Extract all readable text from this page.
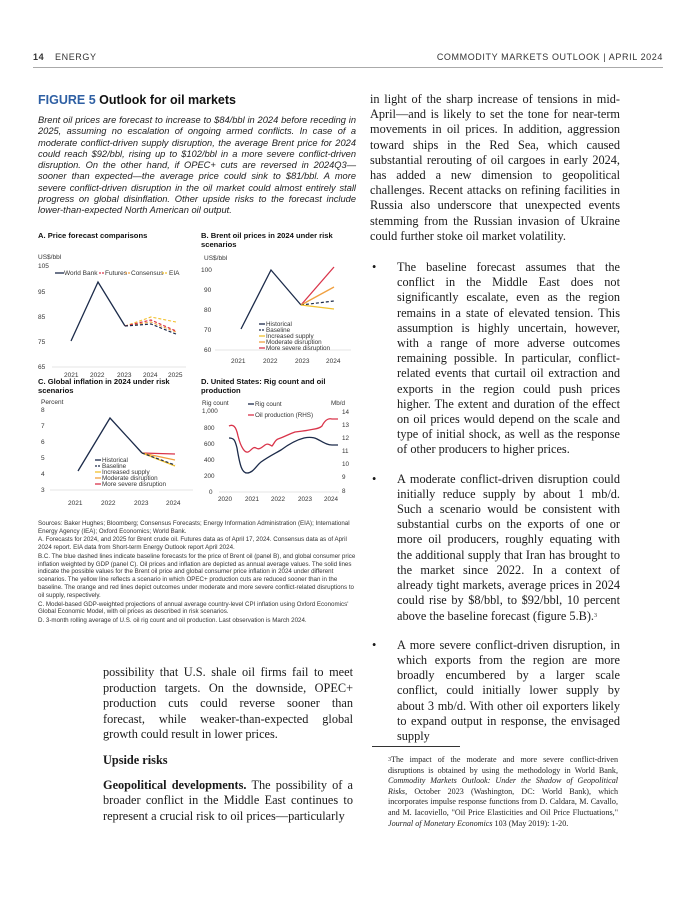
14 ENERGY	COMMODITY MARKETS OUTLOOK | APRIL 2024
FIGURE 5 Outlook for oil markets
Brent oil prices are forecast to increase to $84/bbl in 2024 before receding in 2025, assuming no escalation of ongoing armed conflicts. In case of a moderate conflict-driven supply disruption, the average Brent price for 2024 could reach $92/bbl, rising up to $102/bbl in a more severe conflict-driven disruption. On the other hand, if OPEC+ cuts are reversed in 2024Q3—sooner than expected—the average price could sink to $81/bbl. A more severe conflict-driven disruption in the oil market could almost entirely stall progress on global disinflation. Other upside risks to the forecast include lower-than-expected North American oil output.
A. Price forecast comparisons
US$/bbl
105
95
85
75
65
World Bank Futures Consensus EIA
2021 2022 2023 2024 2025
B. Brent oil prices in 2024 under risk scenarios
US$/bbl
100
90
80
70
60
Historical
Baseline
Increased supply
Moderate disruption
More severe disruption
2021	2022	2023	2024
C. Global inflation in 2024 under risk scenarios
Percent
8
7
6
5
4
3
Historical
Baseline
Increased supply
Moderate disruption
More severe disruption
2021	2022	2023	2024
D. United States: Rig count and oil production
Rig count	Mb/d
1,000
800
600
400
200
0
14
13
12
11
10
9
8
Rig count
Oil production (RHS)
2020 2021 2022 2023 2024

Sources: Baker Hughes; Bloomberg; Consensus Forecasts; Energy Information Administration (EIA); International Energy Agency (IEA); Oxford Economics; World Bank.

A. Forecasts for 2024, and 2025 for Brent crude oil. Futures data as of April 17, 2024. Consensus data as of April 2024 report. EIA data from Short-term Energy Outlook report April 2024.

B.C. The blue dashed lines indicate baseline forecasts for the price of Brent oil (panel B), and global consumer price inflation weighted by GDP (panel C). Oil prices and inflation are depicted as annual average values. The solid lines indicate the possible values for the Brent oil price and global consumer price inflation in 2024 under different scenarios. The yellow line reflects a scenario in which OPEC+ production cuts are reduced sooner than in the baseline. The orange and red lines depict outcomes under moderate and more severe conflict-related disruptions to oil supply, respectively.

C. Model-based GDP-weighted projections of annual average country-level CPI inflation using Oxford Economics' Global Economic Model, with oil prices as described in risk scenarios.

D. 3-month rolling average of U.S. oil rig count and oil production. Last observation is March 2024.

possibility that U.S. shale oil firms fail to meet production targets. On the downside, OPEC+ production cuts could reverse sooner than forecast, while weaker-than-expected global growth could result in lower prices.

Upside risks

Geopolitical developments. The possibility of a broader conflict in the Middle East continues to represent a crucial risk to oil prices—particularly

in light of the sharp increase of tensions in mid-April—and is likely to set the tone for near-term movements in oil prices. In addition, aggression toward ships in the Red Sea, which caused substantial rerouting of oil cargoes in early 2024, has added a new dimension to geopolitical challenges. Recent attacks on refining facilities in Russia also underscore that unexpected events stemming from the Russian invasion of Ukraine could further stoke oil market volatility.

• The baseline forecast assumes that the conflict in the Middle East does not significantly escalate, even as the region remains in a state of elevated tension. This assumption is highly uncertain, however, with a range of more adverse outcomes remaining possible. In particular, conflict-related events that curtail oil extraction and exports in the region could push prices higher. The extent and duration of the effect on oil prices would depend on the scale and type of initial shock, as well as the response of other producers to higher prices.
• A moderate conflict-driven disruption could initially reduce supply by about 1 mb/d. Such a scenario would be consistent with substantial curbs on the exports of one or more oil producers, roughly equating with the additional supply that Iran has brought to the market since 2022. In a context of already tight markets, average prices in 2024 could rise by $8/bbl, to $92/bbl, 10 percent above the baseline forecast (figure 5.B).$^3$
• A more severe conflict-driven disruption, in which exports from the region are more broadly encumbered by a larger scale conflict, could initially lower supply by about 3 mb/d. With other oil exporters likely to expand output in response, the envisaged supply
$^3$The impact of the moderate and more severe conflict-driven disruptions is obtained by using the methodology in World Bank, Commodity Markets Outlook: Under the Shadow of Geopolitical Risks, October 2023 (Washington, DC: World Bank), which incorporates impulse response functions from D. Caldara, M. Cavallo, and M. Iacoviello, "Oil Price Elasticities and Oil Price Fluctuations," Journal of Monetary Economics 103 (May 2019): 1-20.
